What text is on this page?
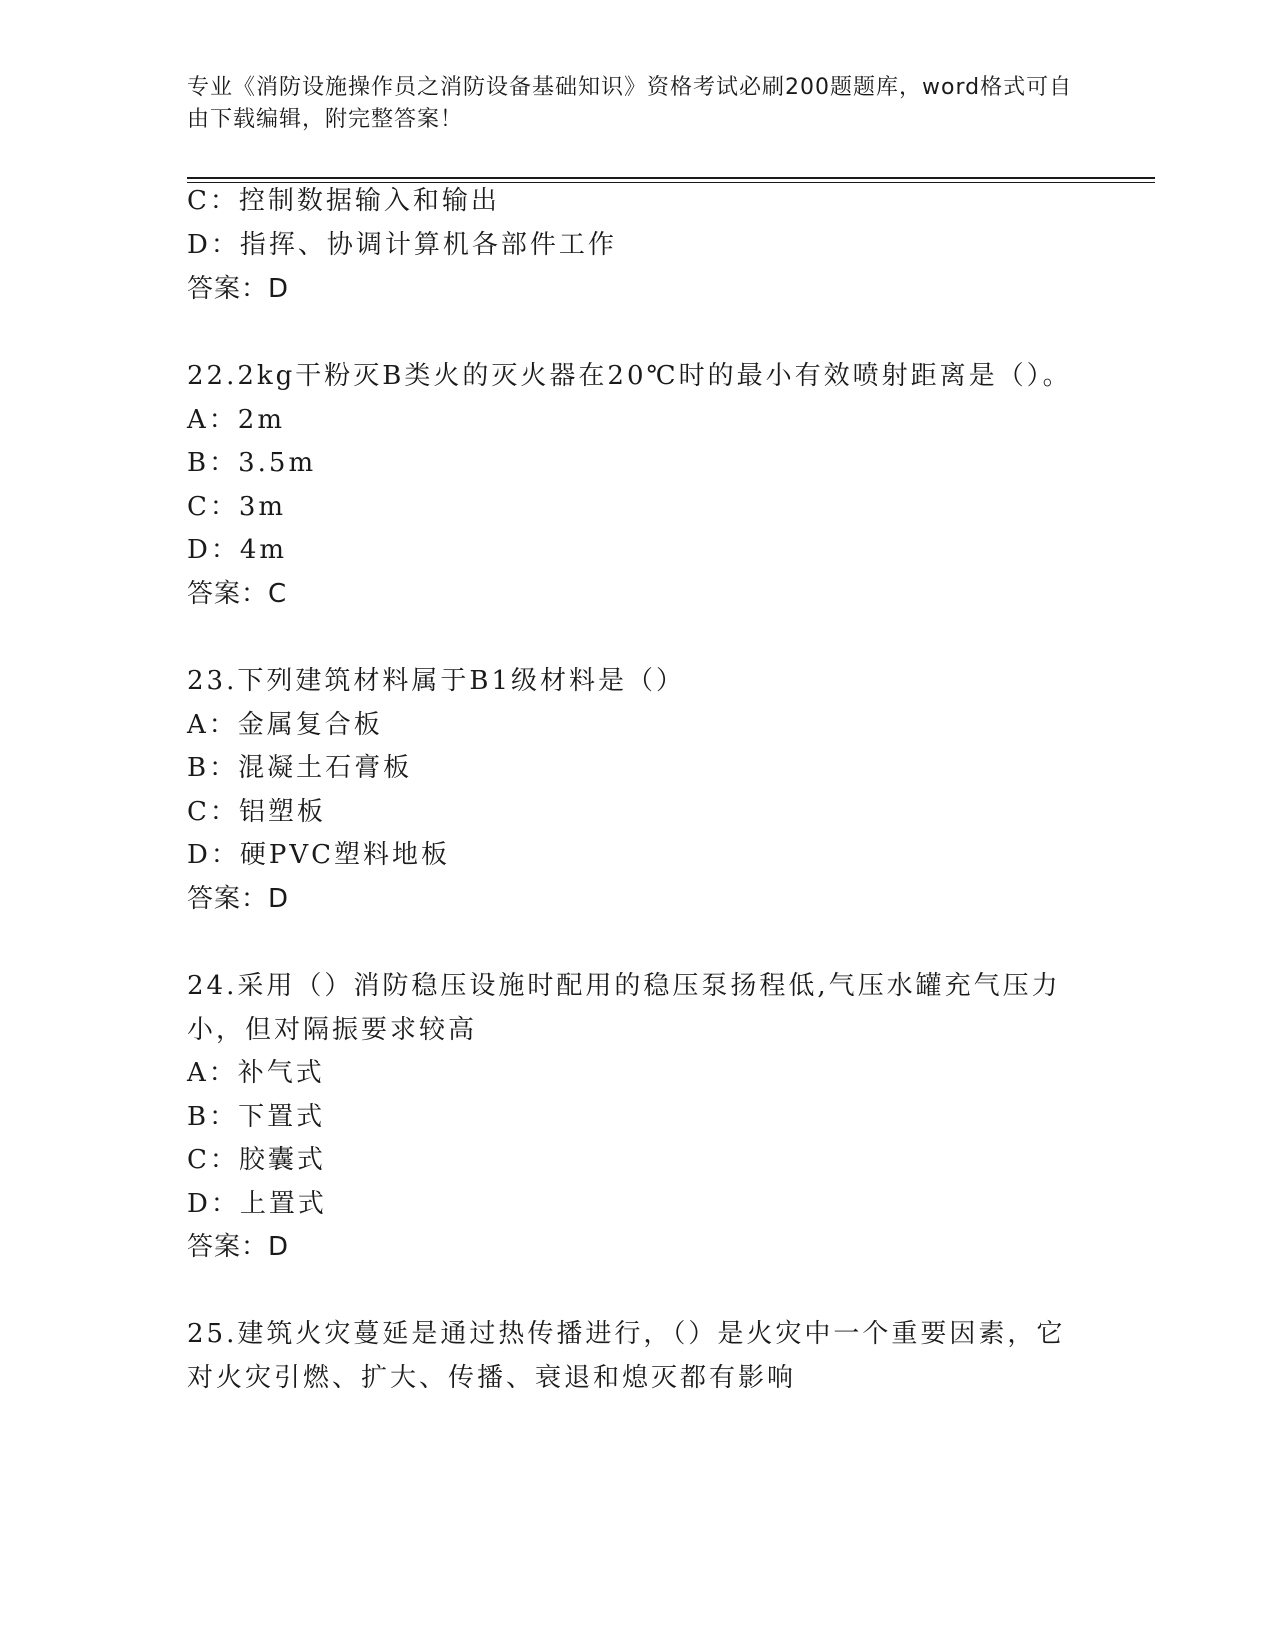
专业《消防设施操作员之消防设备基础知识》资格考试必刷200题题库，word格式可自由下载编辑，附完整答案！
C：控制数据输入和输出
D：指挥、协调计算机各部件工作
答案：D
22.2kg干粉灭B类火的灭火器在20℃时的最小有效喷射距离是（）。
A：2m
B：3.5m
C：3m
D：4m
答案：C
23.下列建筑材料属于B1级材料是（）
A：金属复合板
B：混凝土石膏板
C：铝塑板
D：硬PVC塑料地板
答案：D
24.采用（）消防稳压设施时配用的稳压泵扬程低,气压水罐充气压力
小，但对隔振要求较高
A：补气式
B：下置式
C：胶囊式
D：上置式
答案：D
25.建筑火灾蔓延是通过热传播进行，（）是火灾中一个重要因素，它
对火灾引燃、扩大、传播、衰退和熄灭都有影响
